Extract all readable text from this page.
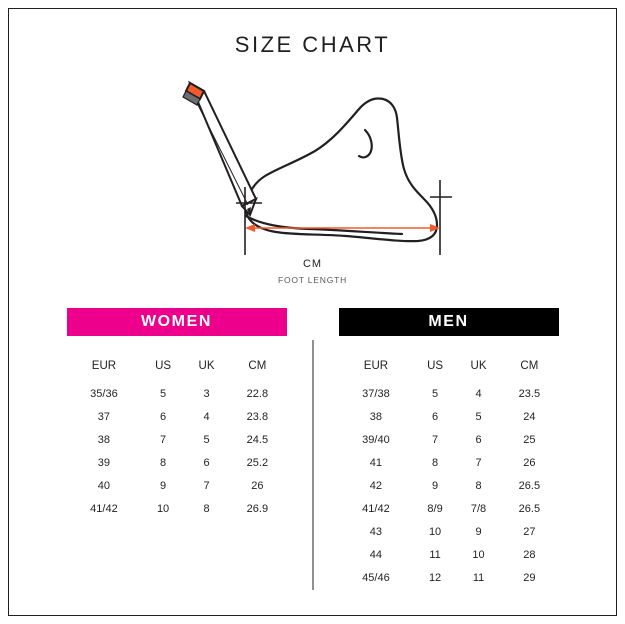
SIZE CHART
CM
FOOT LENGTH
WOMEN
EUR	US	UK	CM
35/36	5	3	22.8
37	6	4	23.8
38	7	5	24.5
39	8	6	25.2
40	9	7	26
41/42	10	8	26.9
MEN
EUR	US	UK	CM
37/38	5	4	23.5
38	6	5	24
39/40	7	6	25
41	8	7	26
42	9	8	26.5
41/42	8/9	7/8	26.5
43	10	9	27
44	11	10	28
45/46	12	11	29
